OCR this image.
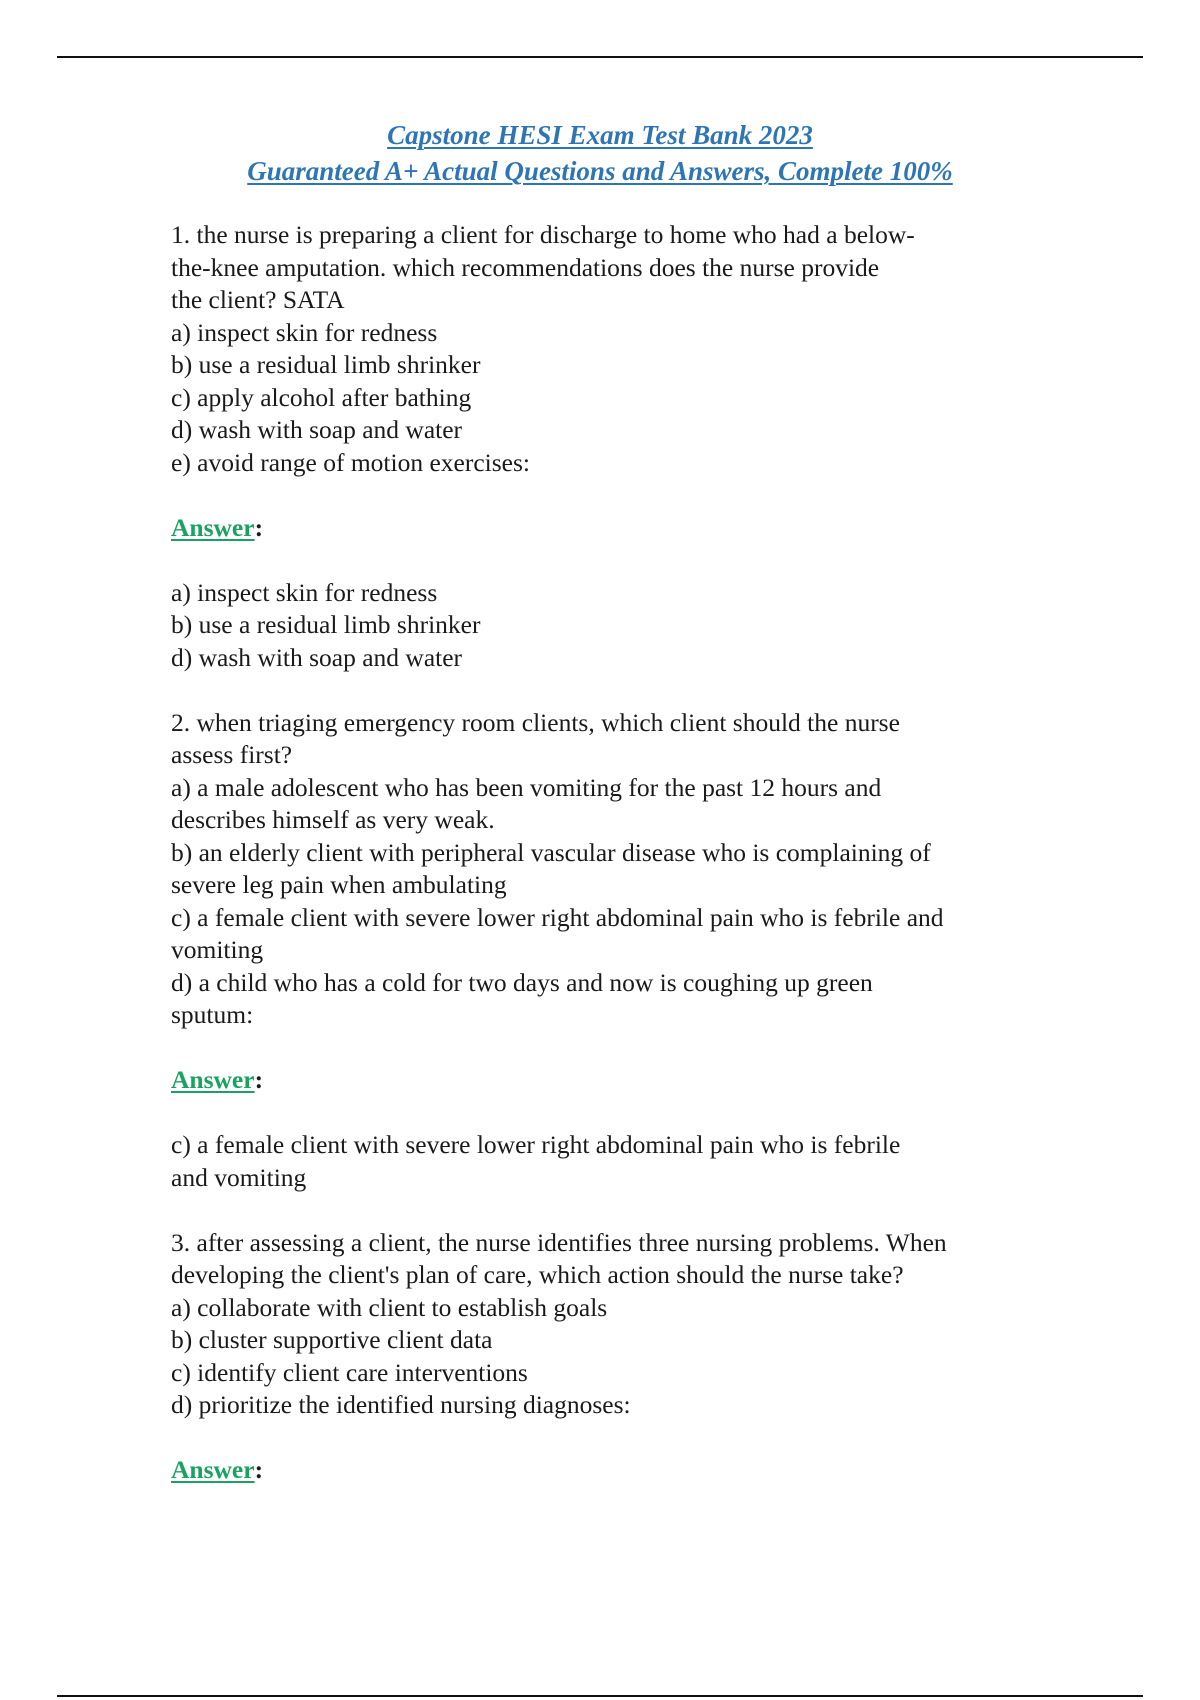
Capstone HESI Exam Test Bank 2023
Guaranteed A+ Actual Questions and Answers, Complete 100%
1. the nurse is preparing a client for discharge to home who had a below-
the-knee amputation. which recommendations does the nurse provide
the client? SATA
a) inspect skin for redness
b) use a residual limb shrinker
c) apply alcohol after bathing
d) wash with soap and water
e) avoid range of motion exercises:
Answer:
a) inspect skin for redness
b) use a residual limb shrinker
d) wash with soap and water
2. when triaging emergency room clients, which client should the nurse
assess first?
a) a male adolescent who has been vomiting for the past 12 hours and
describes himself as very weak.
b) an elderly client with peripheral vascular disease who is complaining of
severe leg pain when ambulating
c) a female client with severe lower right abdominal pain who is febrile and
vomiting
d) a child who has a cold for two days and now is coughing up green
sputum:
Answer:
c) a female client with severe lower right abdominal pain who is febrile
and vomiting
3. after assessing a client, the nurse identifies three nursing problems. When
developing the client's plan of care, which action should the nurse take?
a) collaborate with client to establish goals
b) cluster supportive client data
c) identify client care interventions
d) prioritize the identified nursing diagnoses:
Answer:
